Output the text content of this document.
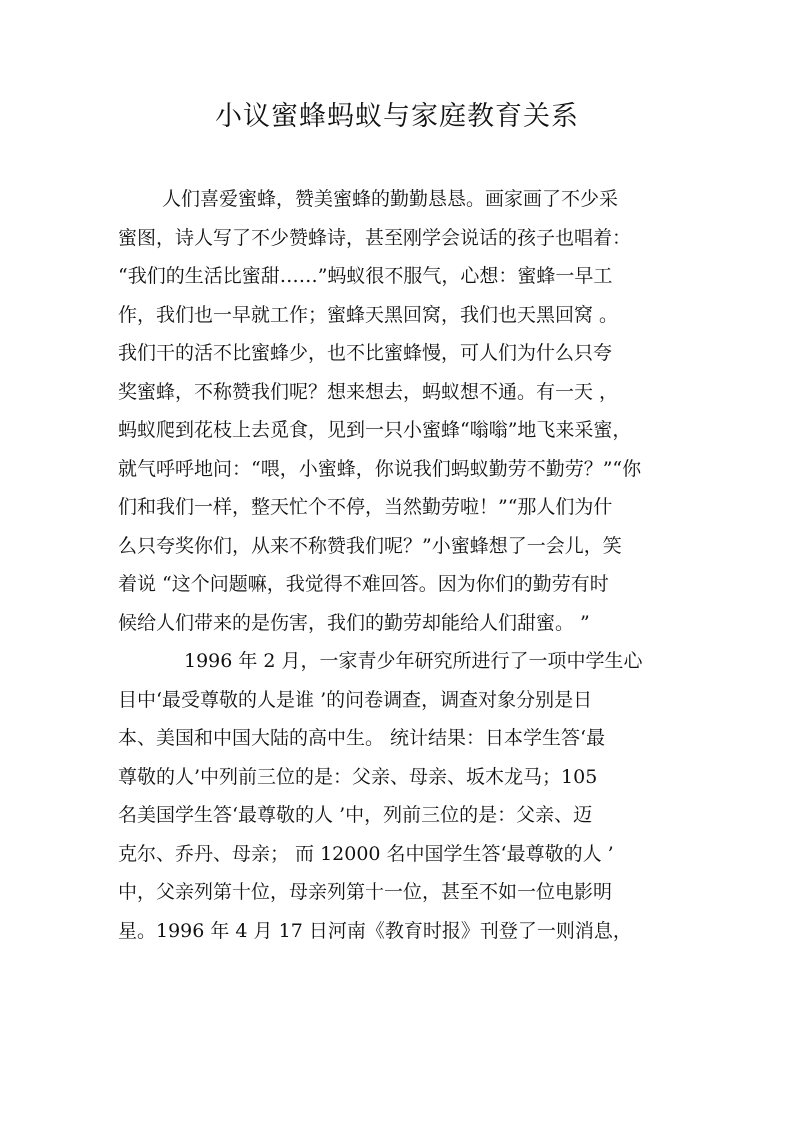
小议蜜蜂蚂蚁与家庭教育关系
人们喜爱蜜蜂，赞美蜜蜂的勤勤恳恳。画家画了不少采
蜜图，诗人写了不少赞蜂诗，甚至刚学会说话的孩子也唱着：
“我们的生活比蜜甜……”蚂蚁很不服气，心想：蜜蜂一早工
作，我们也一早就工作；蜜蜂天黑回窝，我们也天黑回窝 。
我们干的活不比蜜蜂少，也不比蜜蜂慢，可人们为什么只夸
奖蜜蜂，不称赞我们呢？想来想去，蚂蚁想不通。有一天 ，
蚂蚁爬到花枝上去觅食，见到一只小蜜蜂“嗡嗡”地飞来采蜜，
就气呼呼地问：“喂，小蜜蜂，你说我们蚂蚁勤劳不勤劳？”“你
们和我们一样，整天忙个不停，当然勤劳啦！”“那人们为什
么只夸奖你们，从来不称赞我们呢？”小蜜蜂想了一会儿，笑
着说 “这个问题嘛，我觉得不难回答。因为你们的勤劳有时
候给人们带来的是伤害，我们的勤劳却能给人们甜蜜。 ”
1996 年 2 月，一家青少年研究所进行了一项中学生心
目中‘最受尊敬的人是谁 ’的问卷调查，调查对象分别是日
本、美国和中国大陆的高中生。 统计结果：日本学生答‘最
尊敬的人’中列前三位的是：父亲、母亲、坂木龙马；105
名美国学生答‘最尊敬的人 ’中，列前三位的是：父亲、迈
克尔、乔丹、母亲； 而 12000 名中国学生答‘最尊敬的人 ’
中，父亲列第十位，母亲列第十一位，甚至不如一位电影明
星。1996 年 4 月 17 日河南《教育时报》刊登了一则消息，
